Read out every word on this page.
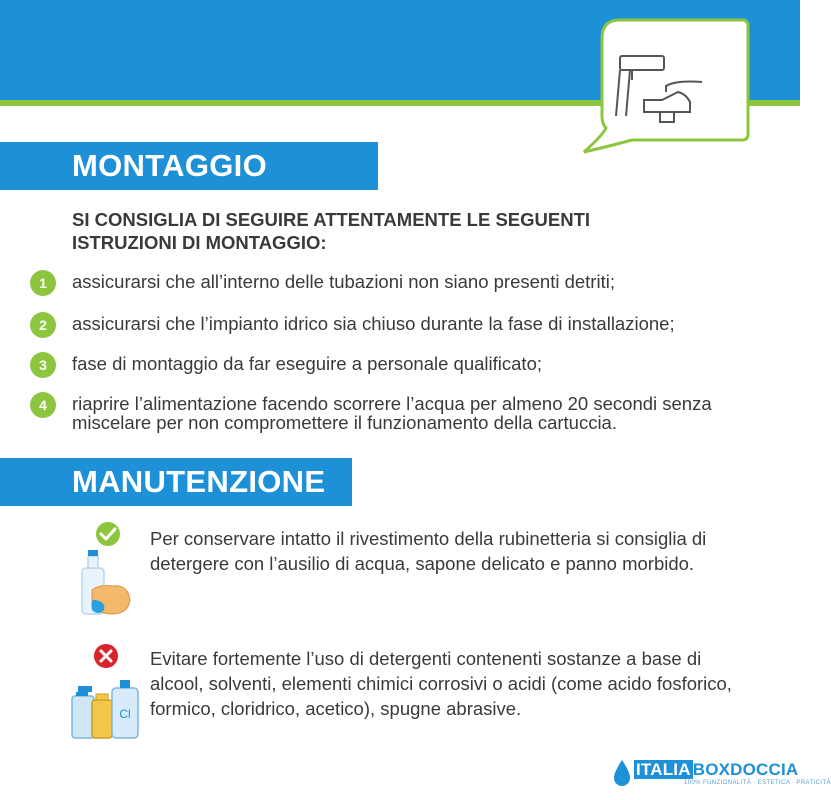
MONTAGGIO
SI CONSIGLIA DI SEGUIRE ATTENTAMENTE LE SEGUENTI ISTRUZIONI DI MONTAGGIO:
1	assicurarsi che all’interno delle tubazioni non siano presenti detriti;
2	assicurarsi che l’impianto idrico sia chiuso durante la fase di installazione;
3	fase di montaggio da far eseguire a personale qualificato;
4	riaprire l’alimentazione facendo scorrere l’acqua per almeno 20 secondi senza miscelare per non compromettere il funzionamento della cartuccia.
MANUTENZIONE
Per conservare intatto il rivestimento della rubinetteria si consiglia di detergere con l’ausilio di acqua, sapone delicato e panno morbido.
Cl
Evitare fortemente l’uso di detergenti contenenti sostanze a base di alcool, solventi, elementi chimici corrosivi o acidi (come acido fosforico, formico, cloridrico, acetico), spugne abrasive.
ITALIA BOXDOCCIA
100% FUNZIONALITÀ · ESTETICA · PRATICITÀ
